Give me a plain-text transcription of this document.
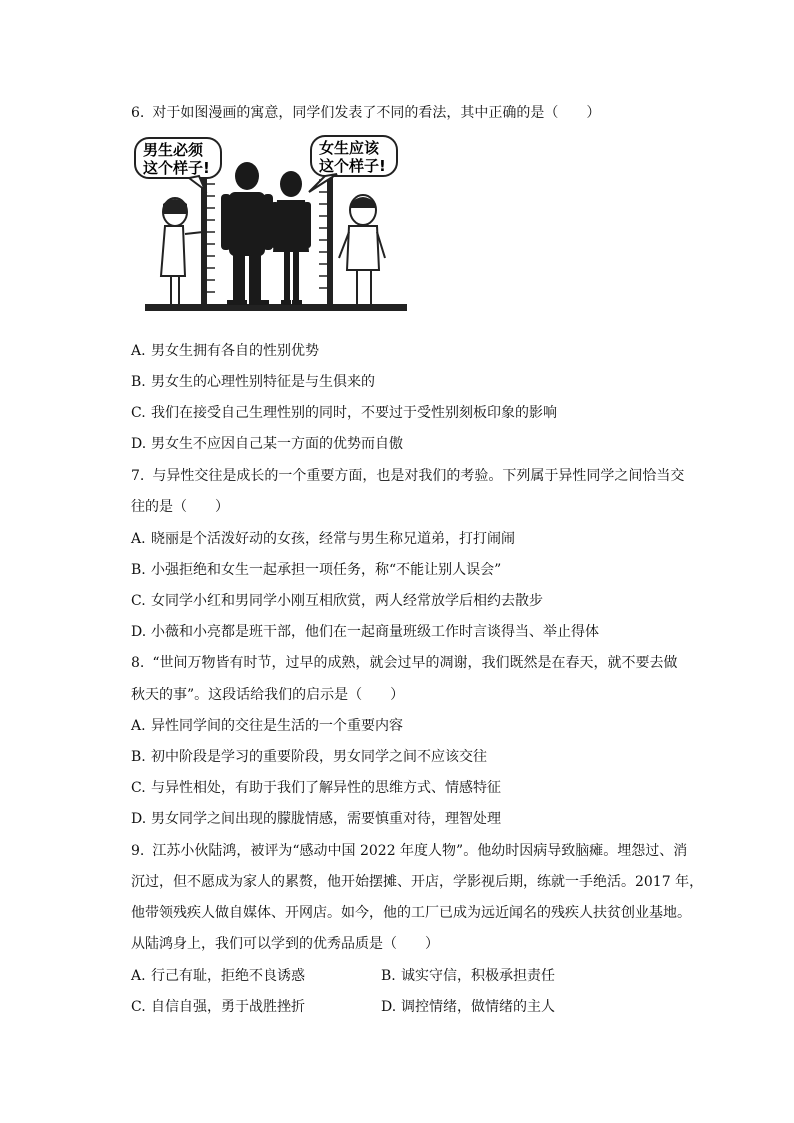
6. 对于如图漫画的寓意，同学们发表了不同的看法，其中正确的是（　　）
男生必须
这个样子!
女生应该
这个样子!
A. 男女生拥有各自的性别优势
B. 男女生的心理性别特征是与生俱来的
C. 我们在接受自己生理性别的同时，不要过于受性别刻板印象的影响
D. 男女生不应因自己某一方面的优势而自傲
7. 与异性交往是成长的一个重要方面，也是对我们的考验。下列属于异性同学之间恰当交
往的是（　　）
A. 晓丽是个活泼好动的女孩，经常与男生称兄道弟，打打闹闹
B. 小强拒绝和女生一起承担一项任务，称“不能让别人误会”
C. 女同学小红和男同学小刚互相欣赏，两人经常放学后相约去散步
D. 小薇和小亮都是班干部，他们在一起商量班级工作时言谈得当、举止得体
8. “世间万物皆有时节，过早的成熟，就会过早的凋谢，我们既然是在春天，就不要去做
秋天的事”。这段话给我们的启示是（　　）
A. 异性同学间的交往是生活的一个重要内容
B. 初中阶段是学习的重要阶段，男女同学之间不应该交往
C. 与异性相处，有助于我们了解异性的思维方式、情感特征
D. 男女同学之间出现的朦胧情感，需要慎重对待，理智处理
9. 江苏小伙陆鸿，被评为“感动中国 2022 年度人物”。他幼时因病导致脑瘫。埋怨过、消
沉过，但不愿成为家人的累赘，他开始摆摊、开店，学影视后期，练就一手绝活。2017 年，
他带领残疾人做自媒体、开网店。如今，他的工厂已成为远近闻名的残疾人扶贫创业基地。
从陆鸿身上，我们可以学到的优秀品质是（　　）
A. 行己有耻，拒绝不良诱惑	B. 诚实守信，积极承担责任
C. 自信自强，勇于战胜挫折	D. 调控情绪，做情绪的主人
